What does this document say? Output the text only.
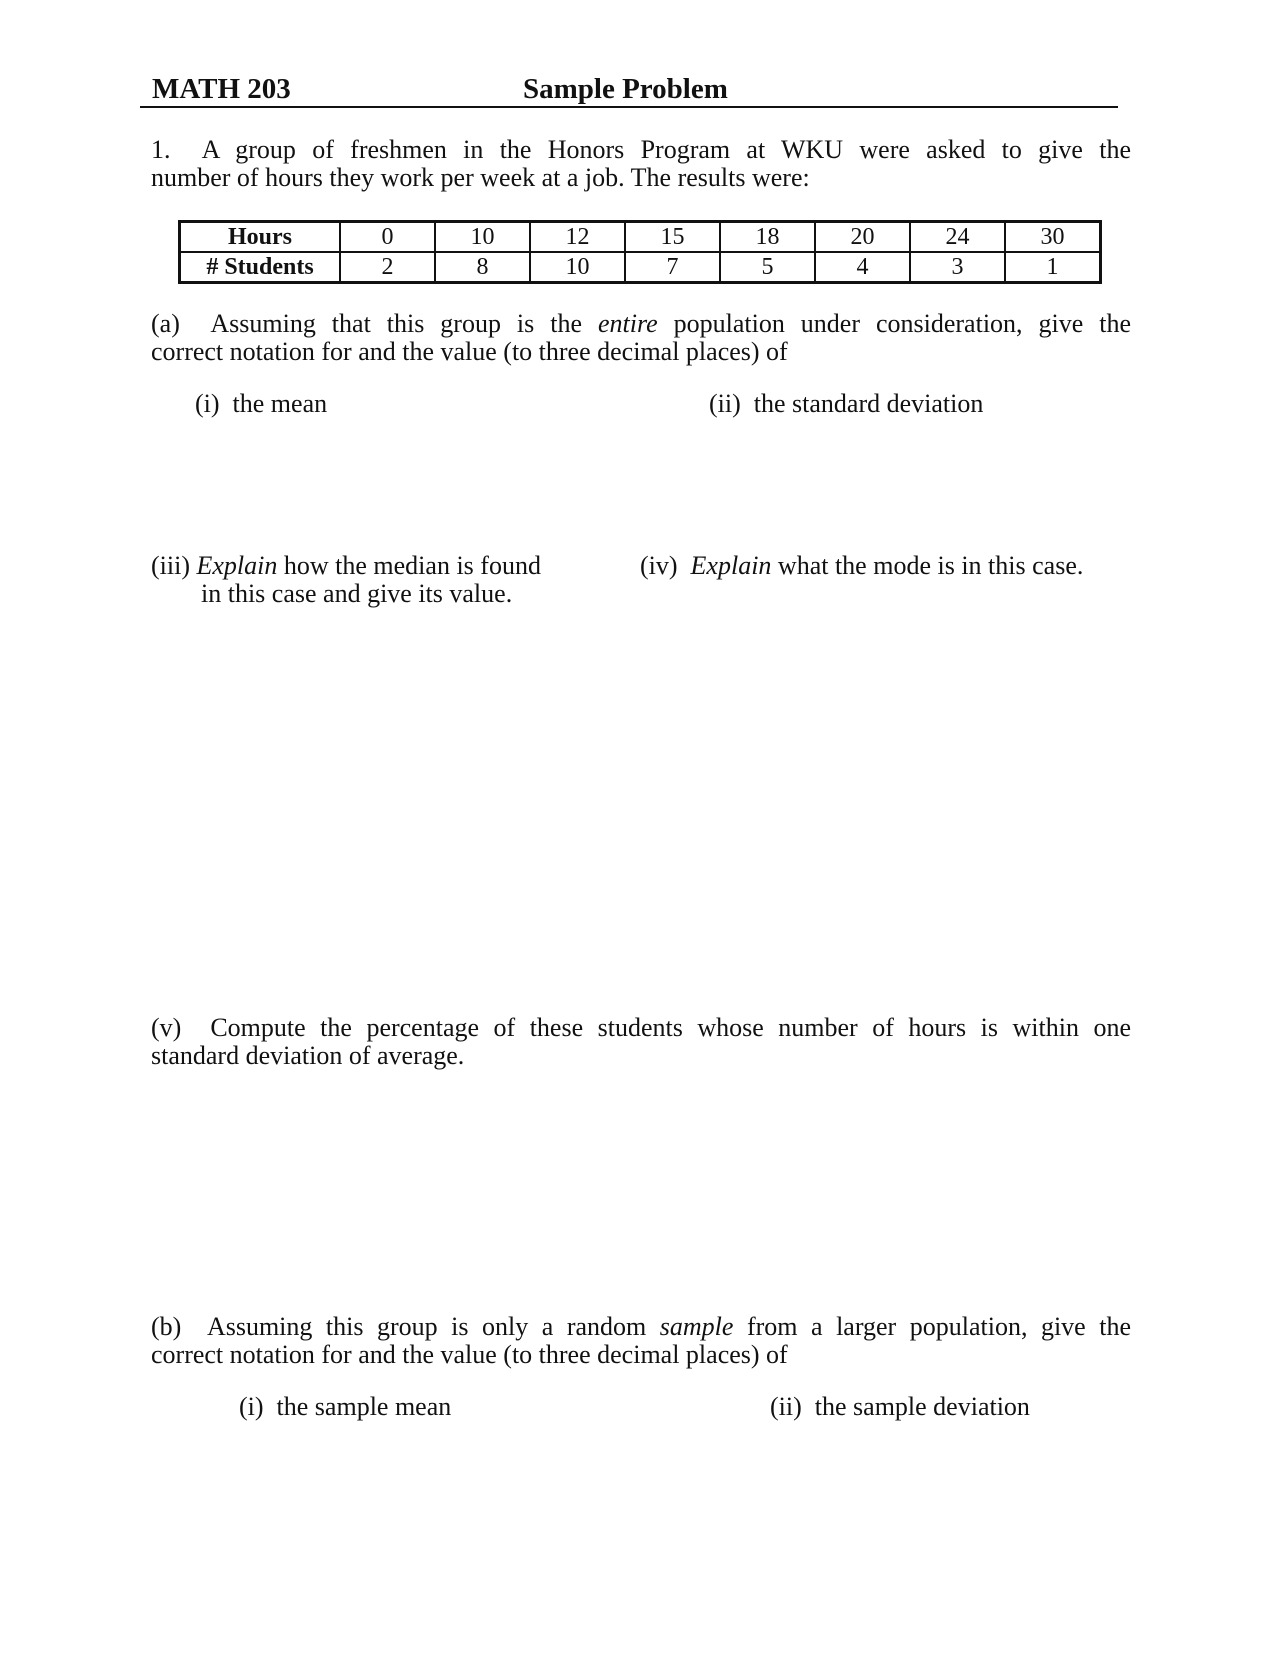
MATH 203	Sample Problem
1. A group of freshmen in the Honors Program at WKU were asked to give the
number of hours they work per week at a job. The results were:
Hours	0	10	12	15	18	20	24	30
# Students	2	8	10	7	5	4	3	1
(a) Assuming that this group is the entire population under consideration, give the
correct notation for and the value (to three decimal places) of
(i) the mean	(ii) the standard deviation
(iii) Explain how the median is found
in this case and give its value.
(iv) Explain what the mode is in this case.
(v) Compute the percentage of these students whose number of hours is within one
standard deviation of average.
(b) Assuming this group is only a random sample from a larger population, give the
correct notation for and the value (to three decimal places) of
(i) the sample mean	(ii) the sample deviation
